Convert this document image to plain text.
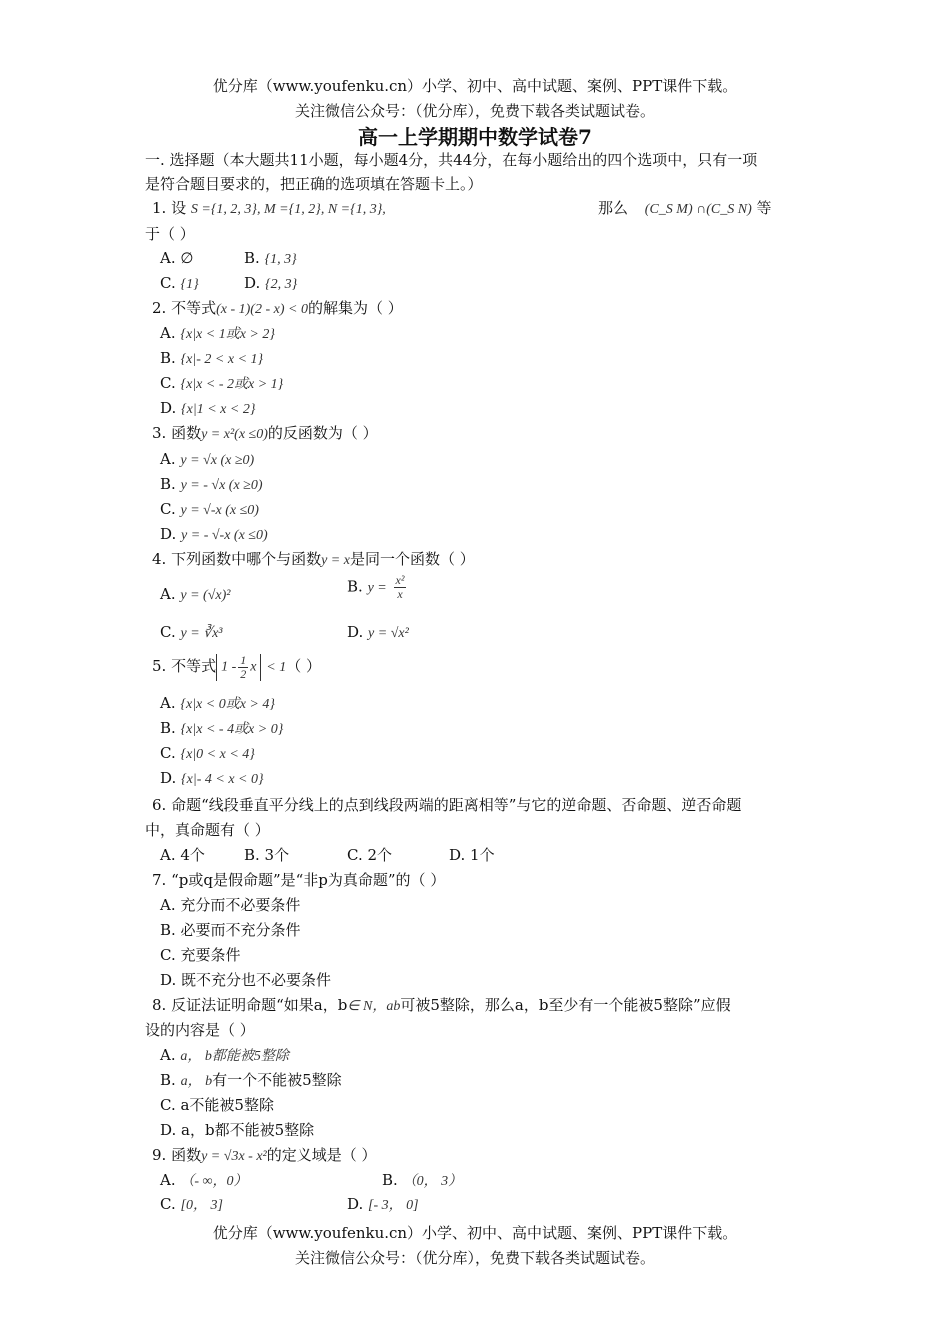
优分库（www.youfenku.cn）小学、初中、高中试题、案例、PPT课件下载。
关注微信公众号：（优分库），免费下载各类试题试卷。
高一上学期期中数学试卷7
一. 选择题（本大题共11小题，每小题4分，共44分，在每小题给出的四个选项中，只有一项
是符合题目要求的，把正确的选项填在答题卡上。）
1. 设 S ={1, 2, 3}, M ={1, 2}, N ={1, 3},	那么 (C_S M) ∩(C_S N) 等
于（ ）
A. ∅	B. {1, 3}
C. {1}	D. {2, 3}
2. 不等式(x - 1)(2 - x) < 0的解集为（ ）
A. {x|x < 1或x > 2}
B. {x|- 2 < x < 1}
C. {x|x < - 2或x > 1}
D. {x|1 < x < 2}
3. 函数y = x²(x ≤0)的反函数为（ ）
A. y = √x (x ≥0)
B. y = - √x (x ≥0)
C. y = √-x (x ≤0)
D. y = - √-x (x ≤0)
4. 下列函数中哪个与函数y = x是同一个函数（ ）
A. y = (√x)²	B. $y = \frac{\text{x²}}{x}$
C. y = ∛x³	D. y = √x²
5. 不等式 $1 - \frac{1}{2}$ x < 1（ ）
A. {x|x < 0或x > 4}
B. {x|x < - 4或x > 0}
C. {x|0 < x < 4}
D. {x|- 4 < x < 0}
6. 命题“线段垂直平分线上的点到线段两端的距离相等”与它的逆命题、否命题、逆否命题
中，真命题有（ ）
A. 4个	B. 3个	C. 2个	D. 1个
7. “p或q是假命题”是“非p为真命题”的（ ）
A. 充分而不必要条件
B. 必要而不充分条件
C. 充要条件
D. 既不充分也不必要条件
8. 反证法证明命题“如果a，b∈ N，ab可被5整除，那么a，b至少有一个能被5整除”应假
设的内容是（ ）
A. a， b都能被5整除
B. a， b有一个不能被5整除
C. a不能被5整除
D. a，b都不能被5整除
9. 函数y = √3x - x²的定义域是（ ）
A. （- ∞，0）	B. （0， 3）
C. [0， 3]	D. [- 3， 0]
优分库（www.youfenku.cn）小学、初中、高中试题、案例、PPT课件下载。
关注微信公众号：（优分库），免费下载各类试题试卷。
